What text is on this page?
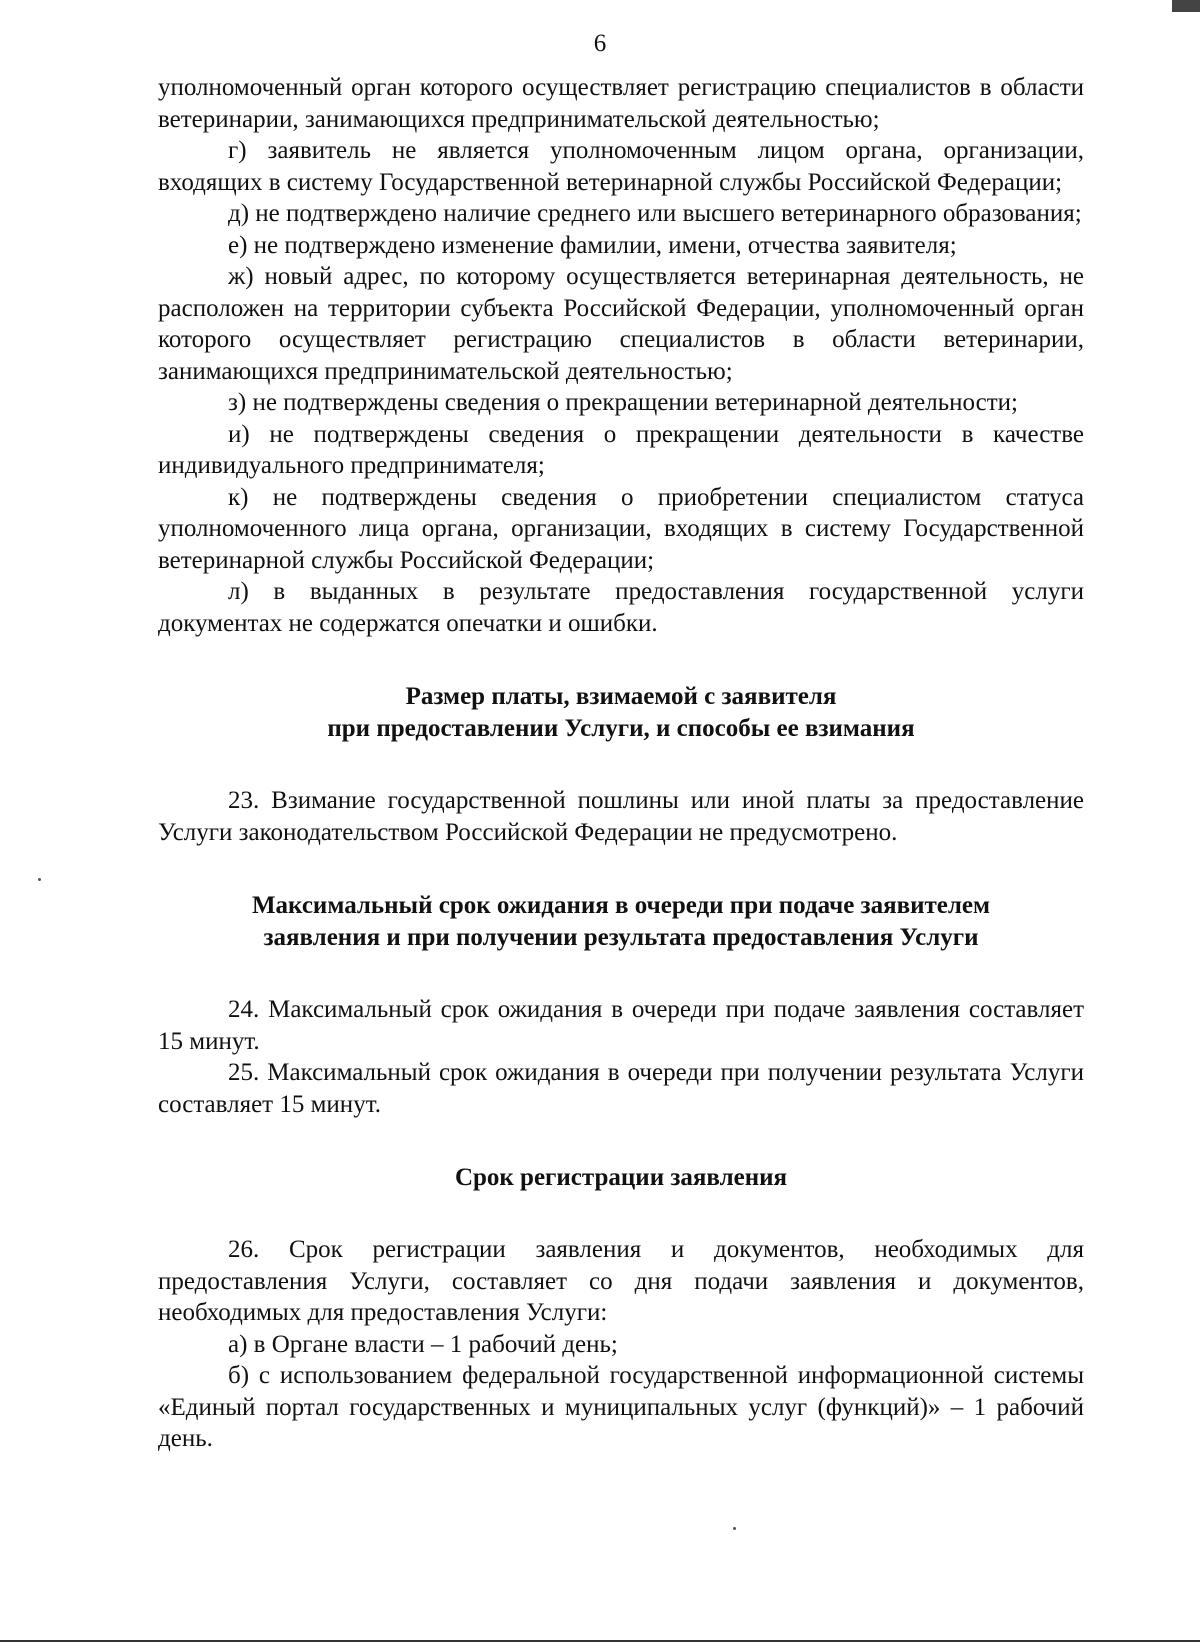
6

уполномоченный орган которого осуществляет регистрацию специалистов в области ветеринарии, занимающихся предпринимательской деятельностью;

г) заявитель не является уполномоченным лицом органа, организации, входящих в систему Государственной ветеринарной службы Российской Федерации;

д) не подтверждено наличие среднего или высшего ветеринарного образования;

е) не подтверждено изменение фамилии, имени, отчества заявителя;

ж) новый адрес, по которому осуществляется ветеринарная деятельность, не расположен на территории субъекта Российской Федерации, уполномоченный орган которого осуществляет регистрацию специалистов в области ветеринарии, занимающихся предпринимательской деятельностью;

з) не подтверждены сведения о прекращении ветеринарной деятельности;

и) не подтверждены сведения о прекращении деятельности в качестве индивидуального предпринимателя;

к) не подтверждены сведения о приобретении специалистом статуса уполномоченного лица органа, организации, входящих в систему Государственной ветеринарной службы Российской Федерации;

л) в выданных в результате предоставления государственной услуги документах не содержатся опечатки и ошибки.

Размер платы, взимаемой с заявителя

при предоставлении Услуги, и способы ее взимания

23. Взимание государственной пошлины или иной платы за предоставление Услуги законодательством Российской Федерации не предусмотрено.

Максимальный срок ожидания в очереди при подаче заявителем

заявления и при получении результата предоставления Услуги

24. Максимальный срок ожидания в очереди при подаче заявления составляет 15 минут.

25. Максимальный срок ожидания в очереди при получении результата Услуги составляет 15 минут.

Срок регистрации заявления

26. Срок регистрации заявления и документов, необходимых для предоставления Услуги, составляет со дня подачи заявления и документов, необходимых для предоставления Услуги:

а) в Органе власти – 1 рабочий день;

б) с использованием федеральной государственной информационной системы «Единый портал государственных и муниципальных услуг (функций)» – 1 рабочий день.
